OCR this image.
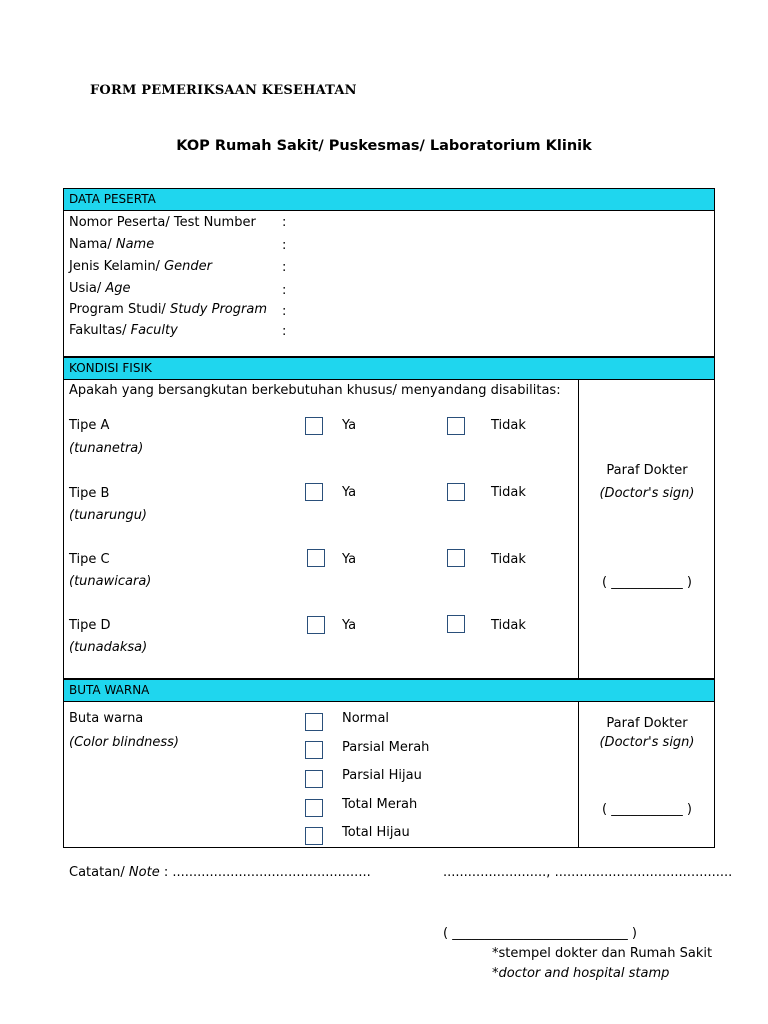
FORM PEMERIKSAAN KESEHATAN
KOP Rumah Sakit/ Puskesmas/ Laboratorium Klinik
DATA PESERTA
Nomor Peserta/ Test Number :
Nama/ Name	:
Jenis Kelamin/ Gender	:
Usia/ Age	:
Program Studi/ Study Program :
Fakultas/ Faculty	:
KONDISI FISIK
Apakah yang bersangkutan berkebutuhan khusus/ menyandang disabilitas:
Tipe A
(tunanetra)
Ya	Tidak
Tipe B
(tunarungu)
Ya	Tidak
Tipe C
(tunawicara)
Ya	Tidak
Tipe D
(tunadaksa)
Ya	Tidak
Paraf Dokter
(Doctor's sign)
( ___________ )
BUTA WARNA
Buta warna
(Color blindness)
Normal
Parsial Merah
Parsial Hijau
Total Merah
Total Hijau
Paraf Dokter
(Doctor's sign)
( ___________ )
Catatan/ Note : ................................................	........................., ...........................................
( ___________________________ )
*stempel dokter dan Rumah Sakit
*doctor and hospital stamp
